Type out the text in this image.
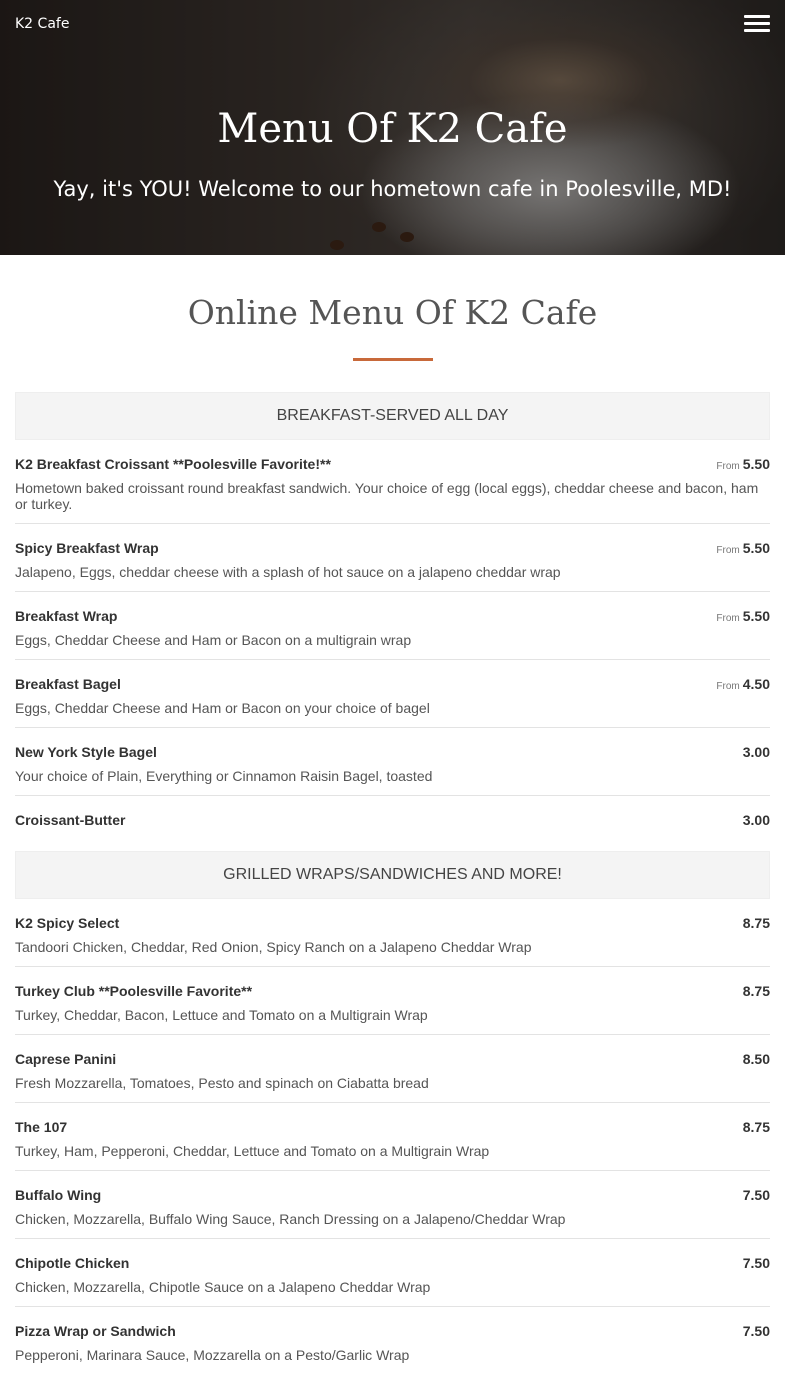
K2 Cafe
Menu Of K2 Cafe

Yay, it's YOU! Welcome to our hometown cafe in Poolesville, MD!

Online Menu Of K2 Cafe
BREAKFAST-SERVED ALL DAY
K2 Breakfast Croissant **Poolesville Favorite!**	From 5.50
Hometown baked croissant round breakfast sandwich. Your choice of egg (local eggs), cheddar cheese and bacon, ham or turkey.
Spicy Breakfast Wrap	From 5.50
Jalapeno, Eggs, cheddar cheese with a splash of hot sauce on a jalapeno cheddar wrap
Breakfast Wrap	From 5.50
Eggs, Cheddar Cheese and Ham or Bacon on a multigrain wrap
Breakfast Bagel	From 4.50
Eggs, Cheddar Cheese and Ham or Bacon on your choice of bagel
New York Style Bagel	3.00
Your choice of Plain, Everything or Cinnamon Raisin Bagel, toasted
Croissant-Butter	3.00
GRILLED WRAPS/SANDWICHES AND MORE!
K2 Spicy Select	8.75
Tandoori Chicken, Cheddar, Red Onion, Spicy Ranch on a Jalapeno Cheddar Wrap
Turkey Club **Poolesville Favorite**	8.75
Turkey, Cheddar, Bacon, Lettuce and Tomato on a Multigrain Wrap
Caprese Panini	8.50
Fresh Mozzarella, Tomatoes, Pesto and spinach on Ciabatta bread
The 107	8.75
Turkey, Ham, Pepperoni, Cheddar, Lettuce and Tomato on a Multigrain Wrap
Buffalo Wing	7.50
Chicken, Mozzarella, Buffalo Wing Sauce, Ranch Dressing on a Jalapeno/Cheddar Wrap
Chipotle Chicken	7.50
Chicken, Mozzarella, Chipotle Sauce on a Jalapeno Cheddar Wrap
Pizza Wrap or Sandwich	7.50
Pepperoni, Marinara Sauce, Mozzarella on a Pesto/Garlic Wrap
